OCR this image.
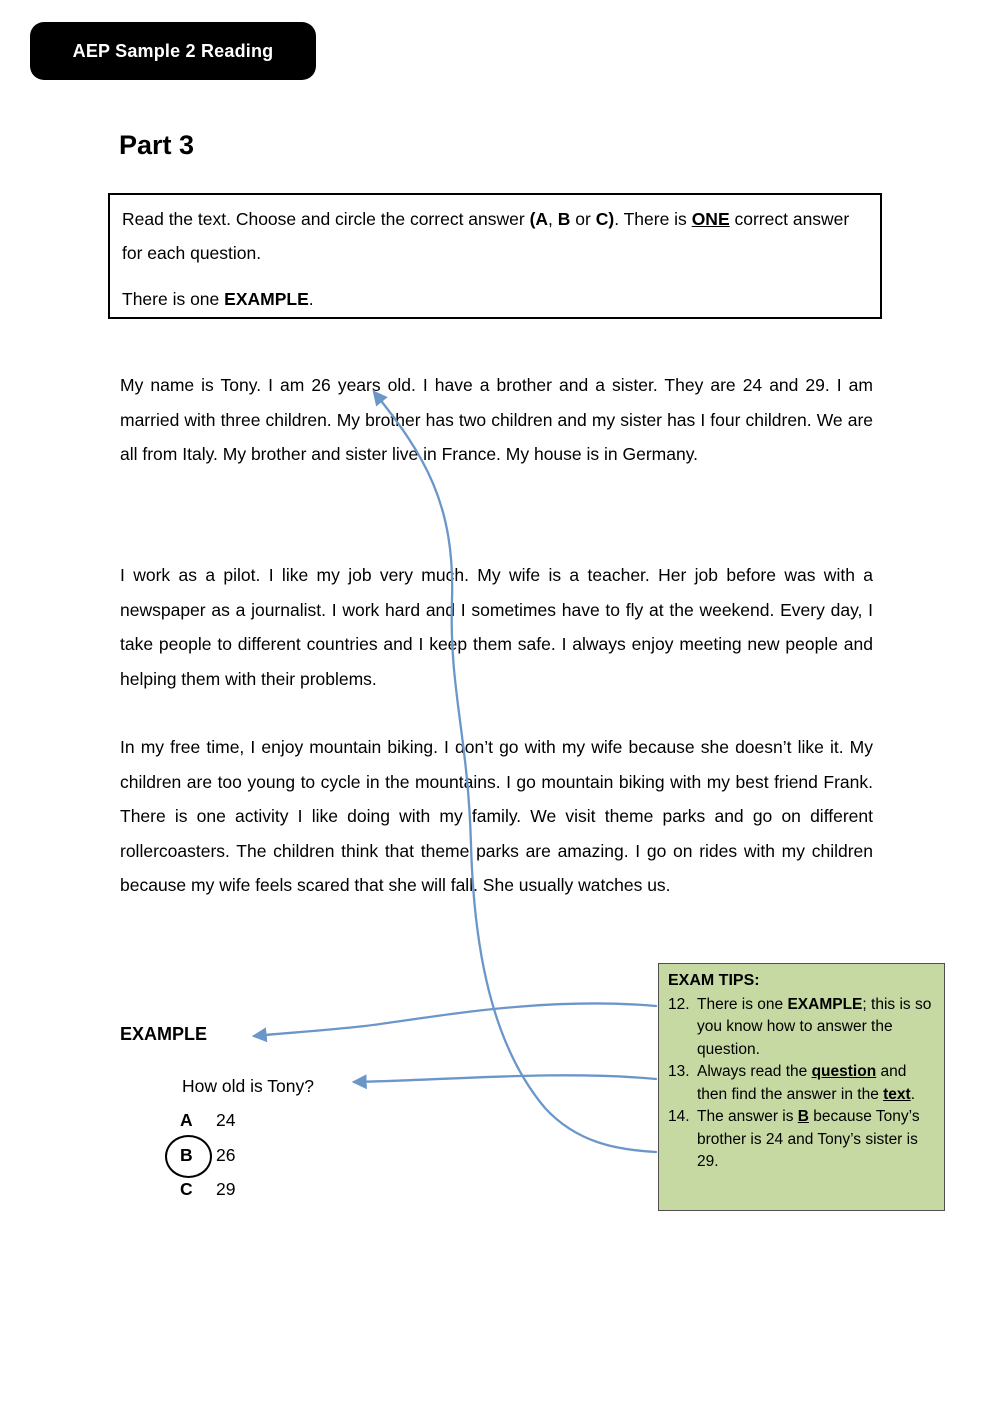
AEP Sample 2 Reading
Part 3
Read the text. Choose and circle the correct answer (A, B or C). There is ONE correct answer for each question.
There is one EXAMPLE.
My name is Tony. I am 26 years old. I have a brother and a sister. They are 24 and 29. I am married with three children. My brother has two children and my sister has I four children. We are all from Italy. My brother and sister live in France. My house is in Germany.
I work as a pilot. I like my job very much. My wife is a teacher. Her job before was with a newspaper as a journalist. I work hard and I sometimes have to fly at the weekend. Every day, I take people to different countries and I keep them safe. I always enjoy meeting new people and helping them with their problems.
In my free time, I enjoy mountain biking. I don’t go with my wife because she doesn’t like it. My children are too young to cycle in the mountains. I go mountain biking with my best friend Frank. There is one activity I like doing with my family. We visit theme parks and go on different rollercoasters. The children think that theme parks are amazing. I go on rides with my children because my wife feels scared that she will fall. She usually watches us.
EXAMPLE
How old is Tony?
A	24
B	26
C	29
EXAM TIPS:
12. There is one EXAMPLE; this is so you know how to answer the question.
13. Always read the question and then find the answer in the text.
14. The answer is B because Tony’s brother is 24 and Tony’s sister is 29.
